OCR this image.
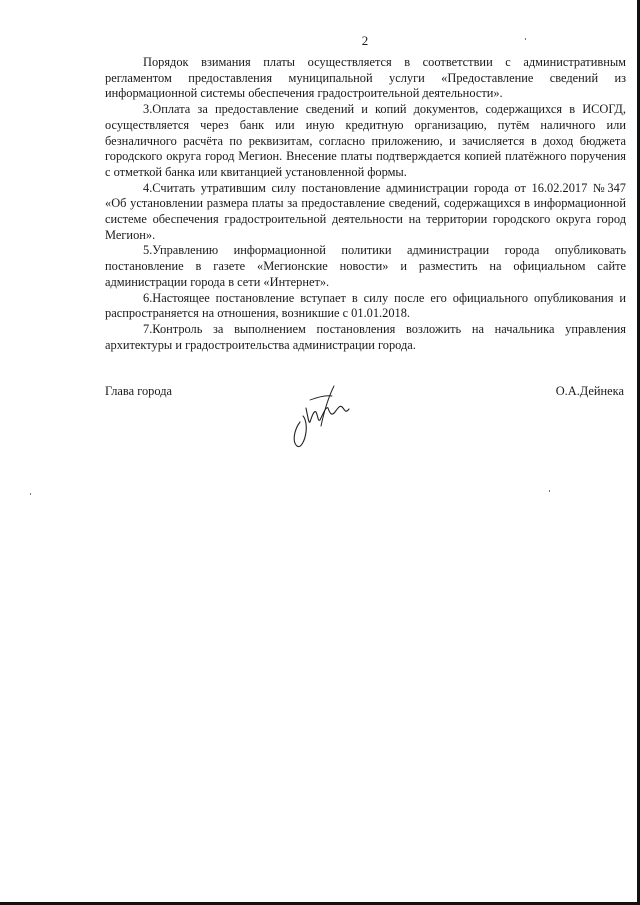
2

Порядок взимания платы осуществляется в соответствии с административным регламентом предоставления муниципальной услуги «Предоставление сведений из информационной системы обеспечения градостроительной деятельности».

3.Оплата за предоставление сведений и копий документов, содержащихся в ИСОГД, осуществляется через банк или иную кредитную организацию, путём наличного или безналичного расчёта по реквизитам, согласно приложению, и зачисляется в доход бюджета городского округа город Мегион. Внесение платы подтверждается копией платёжного поручения с отметкой банка или квитанцией установленной формы.

4.Считать утратившим силу постановление администрации города от 16.02.2017 №347 «Об установлении размера платы за предоставление сведений, содержащихся в информационной системе обеспечения градостроительной деятельности на территории городского округа город Мегион».

5.Управлению информационной политики администрации города опубликовать постановление в газете «Мегионские новости» и разместить на официальном сайте администрации города в сети «Интернет».

6.Настоящее постановление вступает в силу после его официального опубликования и распространяется на отношения, возникшие с 01.01.2018.

7.Контроль за выполнением постановления возложить на начальника управления архитектуры и градостроительства администрации города.

Глава города	О.А.Дейнека
